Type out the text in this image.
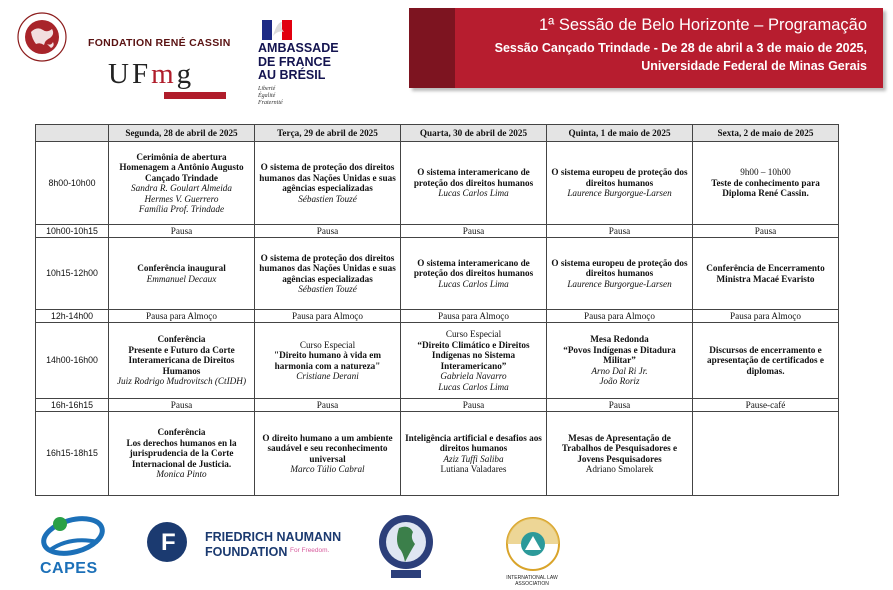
FONDATION RENÉ CASSIN
UFmg
AMBASSADE
DE FRANCE
AU BRÉSIL
Liberté
Égalité
Fraternité
1ª Sessão de Belo Horizonte – Programação
Sessão Cançado Trindade - De 28 de abril a 3 de maio de 2025,
Universidade Federal de Minas Gerais
	Segunda, 28 de abril de 2025	Terça, 29 de abril de 2025	Quarta, 30 de abril de 2025	Quinta, 1 de maio de 2025	Sexta, 2 de maio de 2025
8h00-10h00	Cerimônia de abertura
Homenagem a Antônio Augusto Cançado Trindade
Sandra R. Goulart Almeida
Hermes V. Guerrero
Família Prof. Trindade	O sistema de proteção dos direitos humanos das Nações Unidas e suas agências especializadas
Sébastien Touzé	O sistema interamericano de proteção dos direitos humanos
Lucas Carlos Lima	O sistema europeu de proteção dos direitos humanos
Laurence Burgorgue-Larsen	9h00 – 10h00
Teste de conhecimento para Diploma René Cassin.

10h00-10h15	Pausa	Pausa	Pausa	Pausa	Pausa
10h15-12h00	Conferência inaugural
Emmanuel Decaux	O sistema de proteção dos direitos humanos das Nações Unidas e suas agências especializadas
Sébastien Touzé	O sistema interamericano de proteção dos direitos humanos
Lucas Carlos Lima	O sistema europeu de proteção dos direitos humanos
Laurence Burgorgue-Larsen	Conferência de Encerramento
Ministra Macaé Evaristo

12h-14h00	Pausa para Almoço	Pausa para Almoço	Pausa para Almoço	Pausa para Almoço	Pausa para Almoço
14h00-16h00	Conferência
Presente e Futuro da Corte Interamericana de Direitos Humanos
Juiz Rodrigo Mudrovitsch (CtIDH)	Curso Especial
"Direito humano à vida em harmonia com a natureza"
Cristiane Derani	Curso Especial
“Direito Climático e Direitos Indígenas no Sistema Interamericano”
Gabriela Navarro
Lucas Carlos Lima	Mesa Redonda
“Povos Indígenas e Ditadura Militar”
Arno Dal Ri Jr.
João Roriz	Discursos de encerramento e apresentação de certificados e diplomas.

16h-16h15	Pausa	Pausa	Pausa	Pausa	Pause-café
16h15-18h15	Conferência
Los derechos humanos en la jurisprudencia de la Corte Internacional de Justicia.
Monica Pinto	O direito humano a um ambiente saudável e seu reconhecimento universal
Marco Túlio Cabral	Inteligência artificial e desafios aos direitos humanos
Aziz Tuffi Saliba
Lutiana Valadares	Mesas de Apresentação de Trabalhos de Pesquisadores e Jovens Pesquisadores
Adriano Smolarek	

CAPES
F FRIEDRICH NAUMANN
FOUNDATION For Freedom.
INTERNATIONAL LAW
ASSOCIATION
